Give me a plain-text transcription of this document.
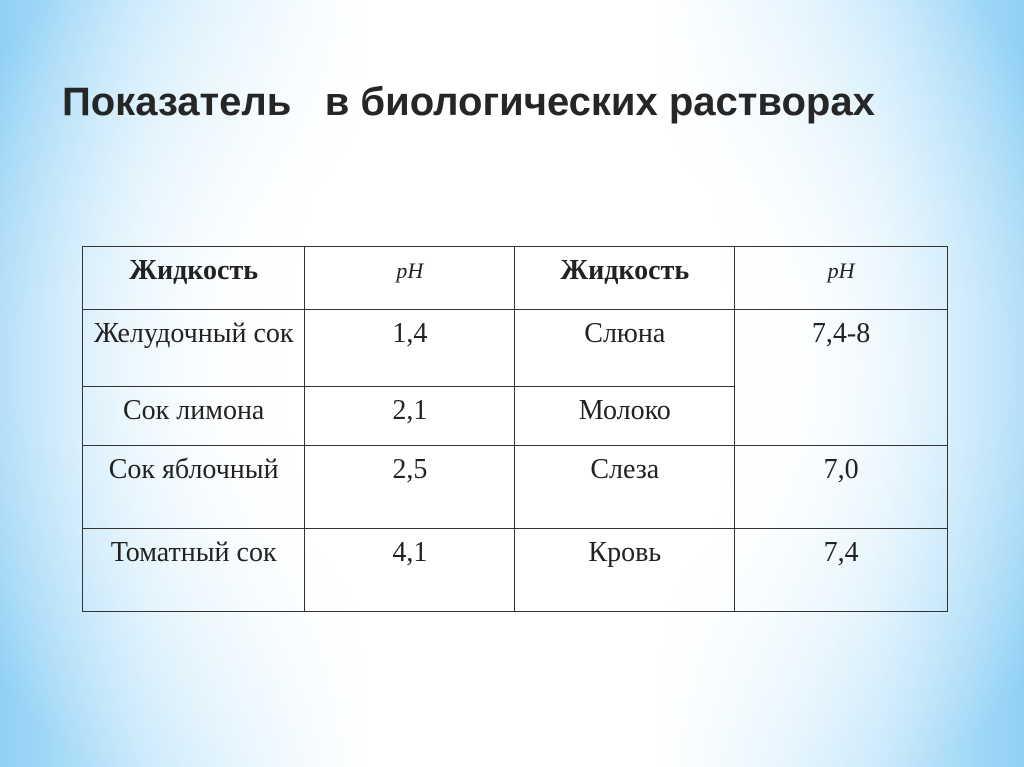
Показатель   в биологических растворах
Жидкость	pH	Жидкость	pH
Желудочный сок	1,4	Слюна	7,4-8
Сок лимона	2,1	Молоко	
Сок яблочный	2,5	Слеза	7,0
Томатный сок	4,1	Кровь	7,4
